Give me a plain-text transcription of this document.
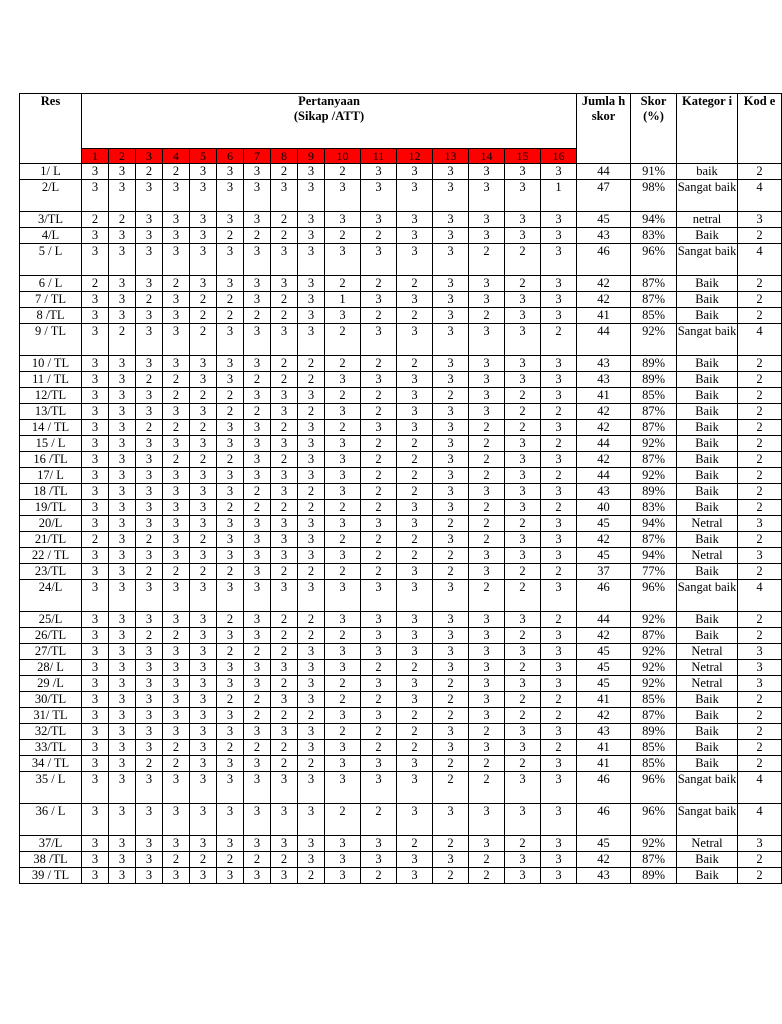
Res	Pertanyaan
(Sikap /ATT)																Jumla h skor	Skor (%)	Kategor i	Kod e
	1	2	3	4	5	6	7	8	9	10	11	12	13	14	15	16				
1/ L	3	3	2	2	3	3	3	2	3	2	3	3	3	3	3	3	44	91%	baik	2
2/L	3	3	3	3	3	3	3	3	3	3	3	3	3	3	3	1	47	98%	Sangat baik	4
3/TL	2	2	3	3	3	3	3	2	3	3	3	3	3	3	3	3	45	94%	netral	3
4/L	3	3	3	3	3	2	2	2	3	2	2	3	3	3	3	3	43	83%	Baik	2
5 / L	3	3	3	3	3	3	3	3	3	3	3	3	3	2	2	3	46	96%	Sangat baik	4
6 / L	2	3	3	2	3	3	3	3	3	2	2	2	3	3	2	3	42	87%	Baik	2
7 / TL	3	3	2	3	2	2	3	2	3	1	3	3	3	3	3	3	42	87%	Baik	2
8 /TL	3	3	3	3	2	2	2	2	3	3	2	2	3	2	3	3	41	85%	Baik	2
9 / TL	3	2	3	3	2	3	3	3	3	2	3	3	3	3	3	2	44	92%	Sangat baik	4
10 / TL	3	3	3	3	3	3	3	2	2	2	2	2	3	3	3	3	43	89%	Baik	2
11 / TL	3	3	2	2	3	3	2	2	2	3	3	3	3	3	3	3	43	89%	Baik	2
12/TL	3	3	3	2	2	2	3	3	3	2	2	3	2	3	2	3	41	85%	Baik	2
13/TL	3	3	3	3	3	2	2	3	2	3	2	3	3	3	2	2	42	87%	Baik	2
14 / TL	3	3	2	2	2	3	3	2	3	2	3	3	3	2	2	3	42	87%	Baik	2
15 / L	3	3	3	3	3	3	3	3	3	3	2	2	3	2	3	2	44	92%	Baik	2
16 /TL	3	3	3	2	2	2	3	2	3	3	2	2	3	2	3	3	42	87%	Baik	2
17/ L	3	3	3	3	3	3	3	3	3	3	2	2	3	2	3	2	44	92%	Baik	2
18 /TL	3	3	3	3	3	3	2	3	2	3	2	2	3	3	3	3	43	89%	Baik	2
19/TL	3	3	3	3	3	2	2	2	2	2	2	3	3	2	3	2	40	83%	Baik	2
20/L	3	3	3	3	3	3	3	3	3	3	3	3	2	2	2	3	45	94%	Netral	3
21/TL	2	3	2	3	2	3	3	3	3	2	2	2	3	2	3	3	42	87%	Baik	2
22 / TL	3	3	3	3	3	3	3	3	3	3	2	2	2	3	3	3	45	94%	Netral	3
23/TL	3	3	2	2	2	2	3	2	2	2	2	3	2	3	2	2	37	77%	Baik	2
24/L	3	3	3	3	3	3	3	3	3	3	3	3	3	2	2	3	46	96%	Sangat baik	4
25/L	3	3	3	3	3	2	3	2	2	3	3	3	3	3	3	2	44	92%	Baik	2
26/TL	3	3	2	2	3	3	3	2	2	2	3	3	3	3	2	3	42	87%	Baik	2
27/TL	3	3	3	3	3	2	2	2	3	3	3	3	3	3	3	3	45	92%	Netral	3
28/ L	3	3	3	3	3	3	3	3	3	3	2	2	3	3	2	3	45	92%	Netral	3
29 /L	3	3	3	3	3	3	3	2	3	2	3	3	2	3	3	3	45	92%	Netral	3
30/TL	3	3	3	3	3	2	2	3	3	2	2	3	2	3	2	2	41	85%	Baik	2
31/ TL	3	3	3	3	3	3	2	2	2	3	3	2	2	3	2	2	42	87%	Baik	2
32/TL	3	3	3	3	3	3	3	3	3	2	2	2	3	2	3	3	43	89%	Baik	2
33/TL	3	3	3	2	3	2	2	2	3	3	2	2	3	3	3	2	41	85%	Baik	2
34 / TL	3	3	2	2	3	3	3	2	2	3	3	3	2	2	2	3	41	85%	Baik	2
35 / L	3	3	3	3	3	3	3	3	3	3	3	3	2	2	3	3	46	96%	Sangat baik	4
36 / L	3	3	3	3	3	3	3	3	3	2	2	3	3	3	3	3	46	96%	Sangat baik	4
37/L	3	3	3	3	3	3	3	3	3	3	3	2	2	3	2	3	45	92%	Netral	3
38 /TL	3	3	3	2	2	2	2	2	3	3	3	3	3	2	3	3	42	87%	Baik	2
39 / TL	3	3	3	3	3	3	3	3	2	3	2	3	2	2	3	3	43	89%	Baik	2
